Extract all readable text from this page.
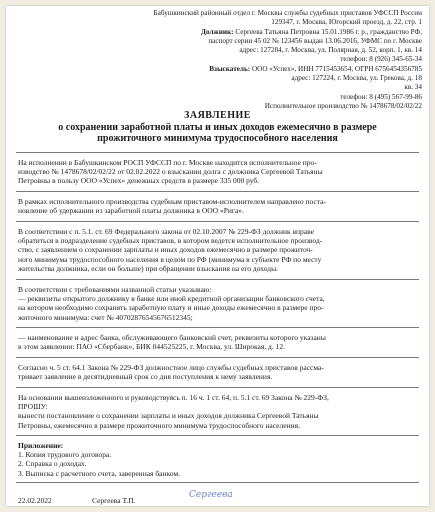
Бабушкинский районный отдел г. Москвы службы судебных приставов УФССП России
129347, г. Москва, Югорский проезд, д. 22, стр. 1
Должник: Сергеева Татьяна Петровна 15.01.1986 г. р., гражданство РФ,
паспорт серии 45 02 № 123456 выдан 13.06.2016, УФМС по г. Москве
адрес: 127284, г. Москва, ул. Полярная, д. 52, корп. 1, кв. 14
телефон: 8 (926) 345-65-34
Взыскатель: ООО «Успех», ИНН 7715453654, ОГРН 6756454356785
адрес: 127224, г. Москва, ул. Грекова, д. 18
кв. 34
телефон: 8 (495) 567-99-86
Исполнительное производство № 1478678/02/02/22
ЗАЯВЛЕНИЕ
о сохранении заработной платы и иных доходов ежемесячно в размере
прожиточного минимума трудоспособного населения
На исполнении в Бабушкинском РОСП УФССП по г. Москве находится исполнительное про-
изводство № 1478678/02/02/22 от 02.02.2022 о взыскании долга с должника Сергеевой Татьяны
Петровны в пользу ООО «Успех» денежных средств в размере 335 000 руб.
В рамках исполнительного производства судебным приставом-исполнителем направлено поста-
новление об удержании из заработной платы должника в ООО «Рига».
В соответствии с п. 5.1. ст. 69 Федерального закона от 02.10.2007 № 229-ФЗ должник вправе
обратиться в подразделение судебных приставов, в котором ведется исполнительное производ-
ство, с заявлением о сохранении зарплаты и иных доходов ежемесячно в размере прожиточ-
ного минимума трудоспособного населения в целом по РФ (минимума в субъекте РФ по месту
жительства должника, если он больше) при обращении взыскания на его доходы.
В соответствии с требованиями названной статьи указываю:
— реквизиты открытого должнику в банке или иной кредитной организации банковского счета,
на котором необходимо сохранять заработную плату и иные доходы ежемесячно в размере про-
житочного минимума: счет № 40702876545676512345;
— наименование и адрес банка, обслуживающего банковский счет, реквизиты которого указаны
в этом заявлении: ПАО «Сбербанк», БИК 044525225, г. Москва, ул. Широкая, д. 12.
Согласно ч. 5 ст. 64.1 Закона № 229-ФЗ должностное лицо службы судебных приставов рассма-
тривает заявление в десятидневный срок со дня поступления к нему заявления.
На основании вышеизложенного и руководствуясь п. 16 ч. 1 ст. 64, п. 5.1 ст. 69 Закона № 229-ФЗ,
ПРОШУ:
вынести постановление о сохранении зарплаты и иных доходов должника Сергеевой Татьяны
Петровны, ежемесячно в размере прожиточного минимума трудоспособного населения.
Приложение:
1. Копия трудового договора.
2. Справка о доходах.
3. Выписка с расчетного счета, заверенная банком.
22.02.2022	Сергеева Т.П.
Сергеева
